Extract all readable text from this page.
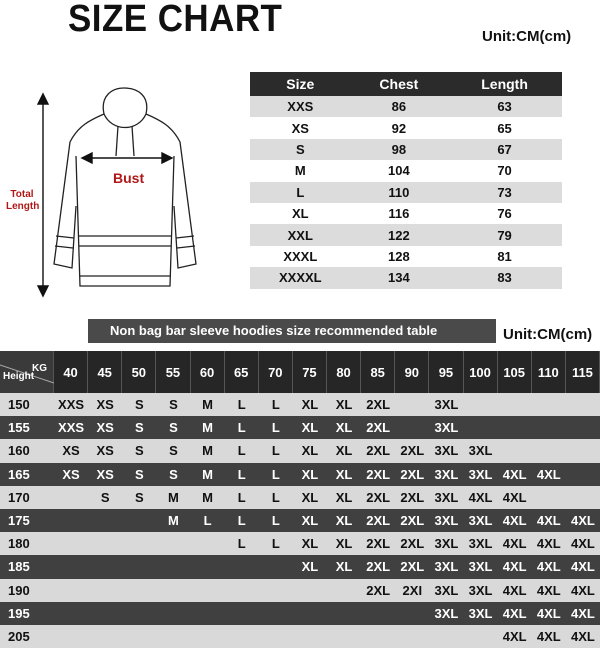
SIZE CHART	Unit:CM(cm)
Bust
Total
Length
Size	Chest	Length
XXS	86	63
XS	92	65
S	98	67
M	104	70
L	110	73
XL	116	76
XXL	122	79
XXXL	128	81
XXXXL	134	83
Non bag bar sleeve hoodies size recommended table	Unit:CM(cm)
KG
Height	40	45	50	55	60	65	70	75	80	85	90	95	100	105	110	115
150	XXS	XS	S	S	M	L	L	XL	XL	2XL		3XL				
155	XXS	XS	S	S	M	L	L	XL	XL	2XL		3XL				
160	XS	XS	S	S	M	L	L	XL	XL	2XL	2XL	3XL	3XL			
165	XS	XS	S	S	M	L	L	XL	XL	2XL	2XL	3XL	3XL	4XL	4XL	
170		S	S	M	M	L	L	XL	XL	2XL	2XL	3XL	4XL	4XL		
175				M	L	L	L	XL	XL	2XL	2XL	3XL	3XL	4XL	4XL	4XL
180						L	L	XL	XL	2XL	2XL	3XL	3XL	4XL	4XL	4XL
185								XL	XL	2XL	2XL	3XL	3XL	4XL	4XL	4XL
190										2XL	2XI	3XL	3XL	4XL	4XL	4XL
195												3XL	3XL	4XL	4XL	4XL
205														4XL	4XL	4XL
